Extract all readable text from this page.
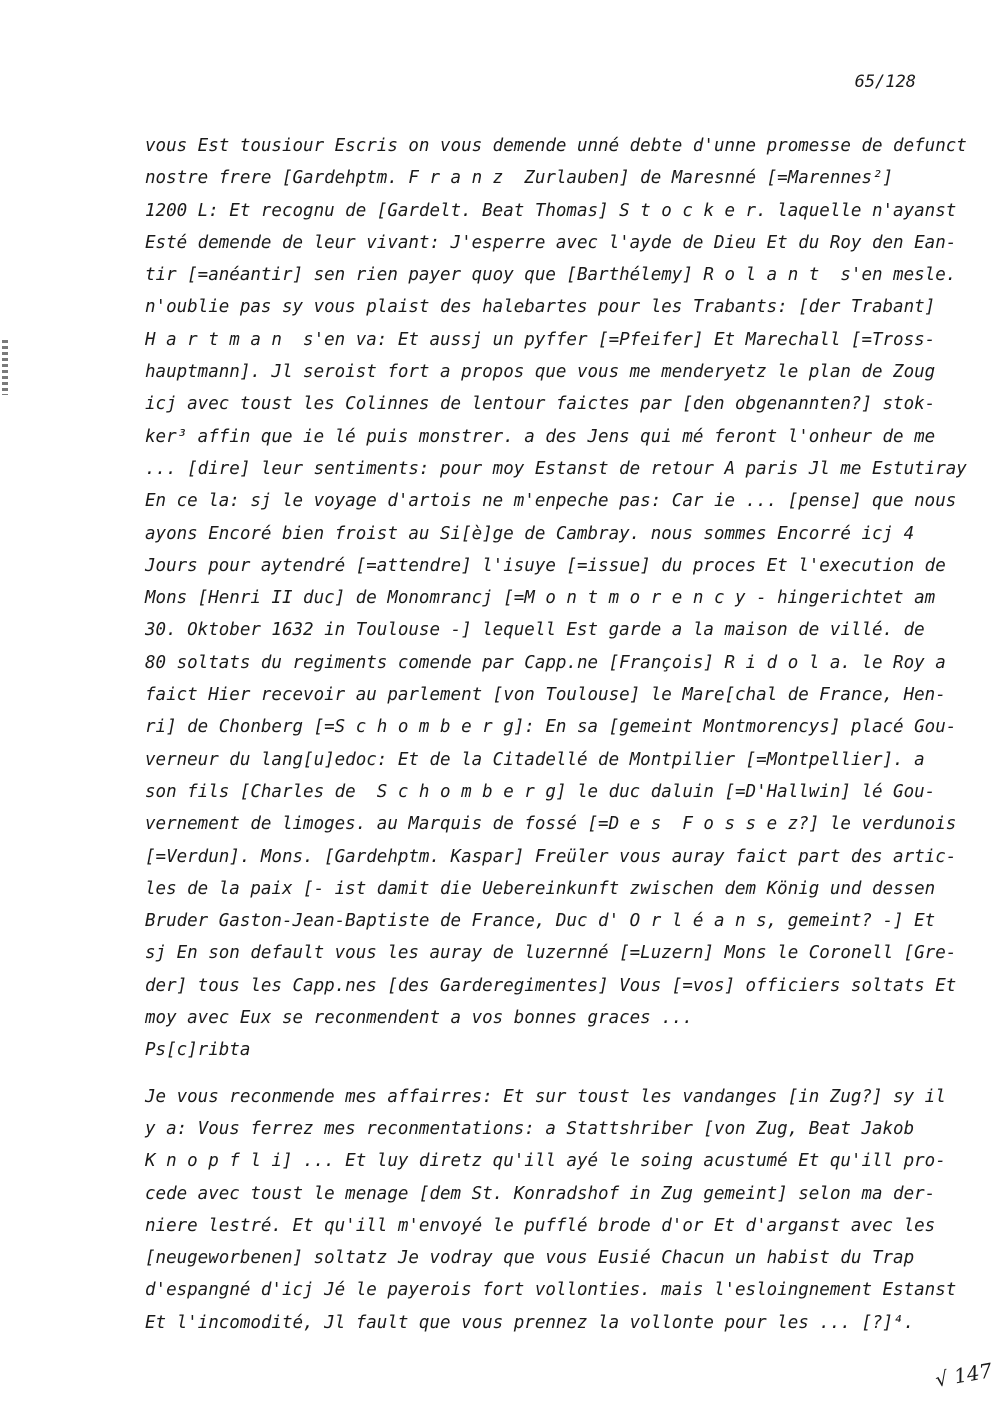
65/128
vous Est tousiour Escris on vous demende unné debte d'unne promesse de defunct
nostre frere [Gardehptm. F r a n z  Zurlauben] de Maresnné [=Marennes²]
1200 L: Et recognu de [Gardelt. Beat Thomas] S t o c k e r. laquelle n'ayanst
Esté demende de leur vivant: J'esperre avec l'ayde de Dieu Et du Roy den Ean-
tir [=anéantir] sen rien payer quoy que [Barthélemy] R o l a n t  s'en mesle.
n'oublie pas sy vous plaist des halebartes pour les Trabants: [der Trabant]
H a r t m a n  s'en va: Et aussj un pyffer [=Pfeifer] Et Marechall [=Tross-
hauptmann]. Jl seroist fort a propos que vous me menderyetz le plan de Zoug
icj avec toust les Colinnes de lentour faictes par [den obgenannten?] stok-
ker³ affin que ie lé puis monstrer. a des Jens qui mé feront l'onheur de me
... [dire] leur sentiments: pour moy Estanst de retour A paris Jl me Estutiray
En ce la: sj le voyage d'artois ne m'enpeche pas: Car ie ... [pense] que nous
ayons Encoré bien froist au Si[è]ge de Cambray. nous sommes Encorré icj 4
Jours pour aytendré [=attendre] l'isuye [=issue] du proces Et l'execution de
Mons [Henri II duc] de Monomrancj [=M o n t m o r e n c y - hingerichtet am
30. Oktober 1632 in Toulouse -] lequell Est garde a la maison de villé. de
80 soltats du regiments comende par Capp.ne [François] R i d o l a. le Roy a
faict Hier recevoir au parlement [von Toulouse] le Mare[chal de France, Hen-
ri] de Chonberg [=S c h o m b e r g]: En sa [gemeint Montmorencys] placé Gou-
verneur du lang[u]edoc: Et de la Citadellé de Montpilier [=Montpellier]. a
son fils [Charles de  S c h o m b e r g] le duc daluin [=D'Hallwin] lé Gou-
vernement de limoges. au Marquis de fossé [=D e s  F o s s e z?] le verdunois
[=Verdun]. Mons. [Gardehptm. Kaspar] Freüler vous auray faict part des artic-
les de la paix [- ist damit die Uebereinkunft zwischen dem König und dessen
Bruder Gaston-Jean-Baptiste de France, Duc d' O r l é a n s, gemeint? -] Et
sj En son default vous les auray de luzernné [=Luzern] Mons le Coronell [Gre-
der] tous les Capp.nes [des Garderegimentes] Vous [=vos] officiers soltats Et
moy avec Eux se reconmendent a vos bonnes graces ...
Ps[c]ribta
Je vous reconmende mes affairres: Et sur toust les vandanges [in Zug?] sy il
y a: Vous ferrez mes reconmentations: a Stattshriber [von Zug, Beat Jakob
K n o p f l i] ... Et luy diretz qu'ill ayé le soing acustumé Et qu'ill pro-
cede avec toust le menage [dem St. Konradshof in Zug gemeint] selon ma der-
niere lestré. Et qu'ill m'envoyé le pufflé brode d'or Et d'arganst avec les
[neugeworbenen] soltatz Je vodray que vous Eusié Chacun un habist du Trap
d'espangné d'icj Jé le payerois fort vollonties. mais l'esloingnement Estanst
Et l'incomodité, Jl fault que vous prennez la vollonte pour les ... [?]⁴.
√ 147
